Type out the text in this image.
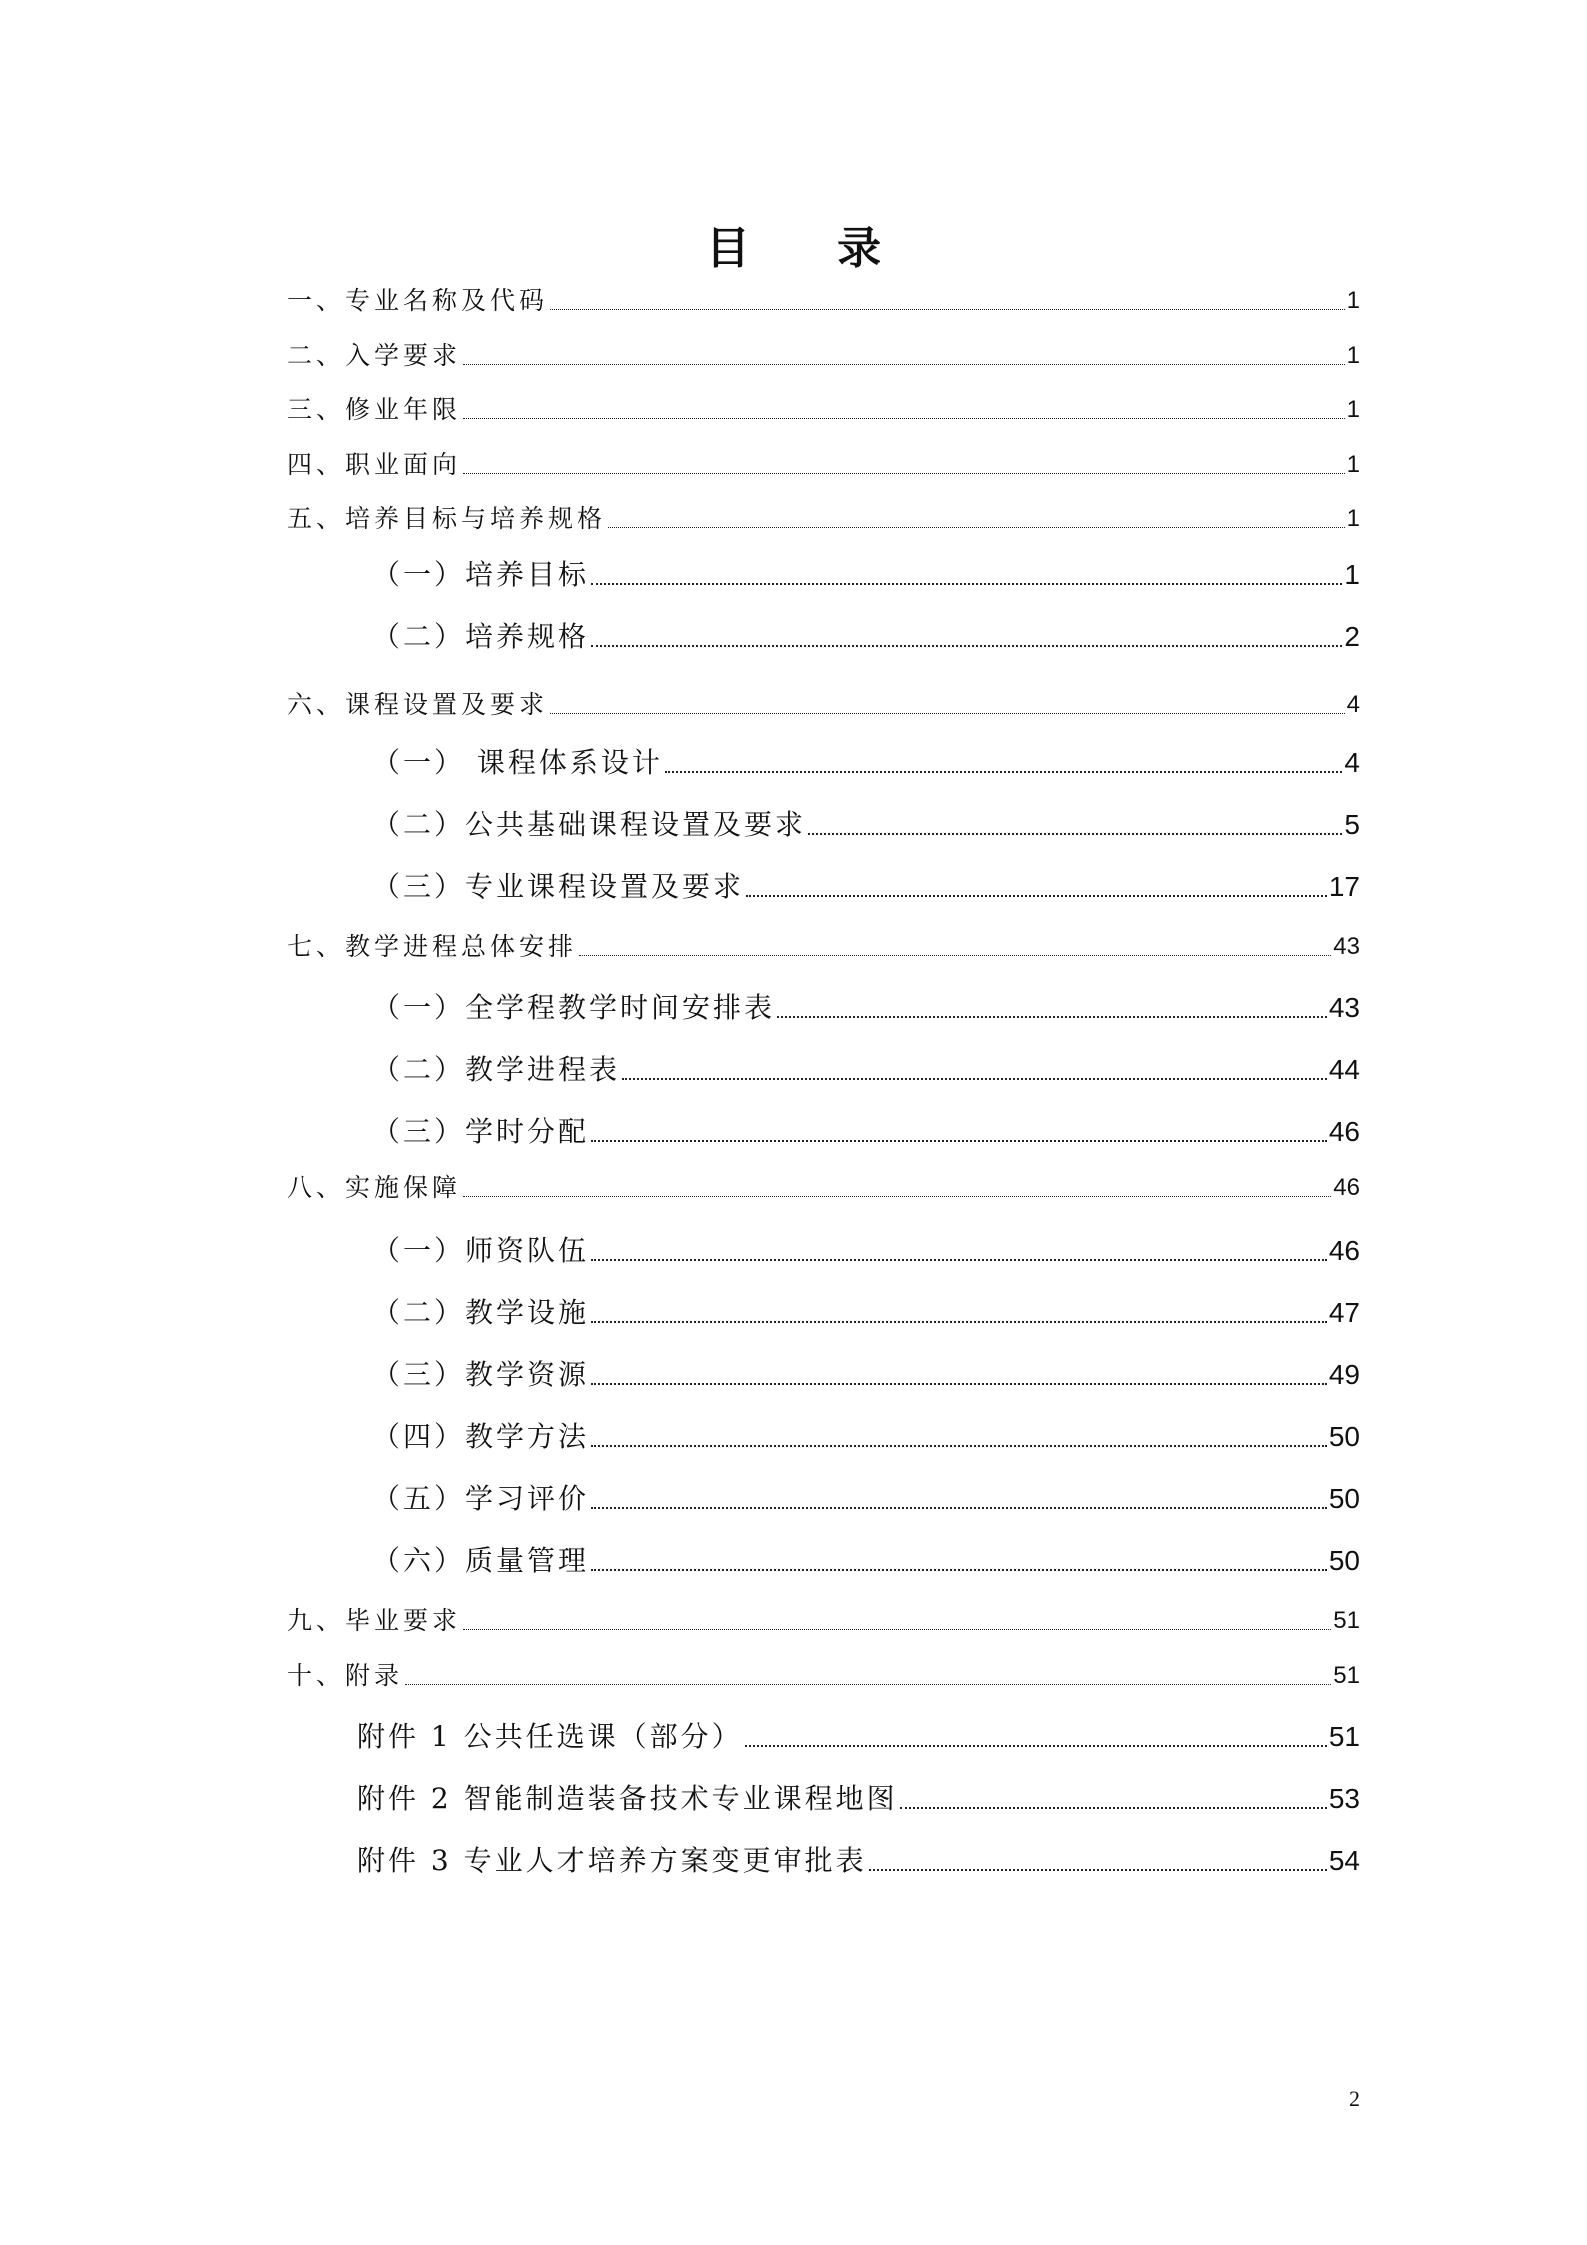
目 录
一、专业名称及代码	1
二、入学要求	1
三、修业年限	1
四、职业面向	1
五、培养目标与培养规格	1
（一）培养目标	1
（二）培养规格	2
六、课程设置及要求	4
（一） 课程体系设计	4
（二）公共基础课程设置及要求	5
（三）专业课程设置及要求	17
七、教学进程总体安排	43
（一）全学程教学时间安排表	43
（二）教学进程表	44
（三）学时分配	46
八、实施保障	46
（一）师资队伍	46
（二）教学设施	47
（三）教学资源	49
（四）教学方法	50
（五）学习评价	50
（六）质量管理	50
九、毕业要求	51
十、附录	51
附件 1 公共任选课（部分）	51
附件 2 智能制造装备技术专业课程地图	53
附件 3 专业人才培养方案变更审批表	54
2
